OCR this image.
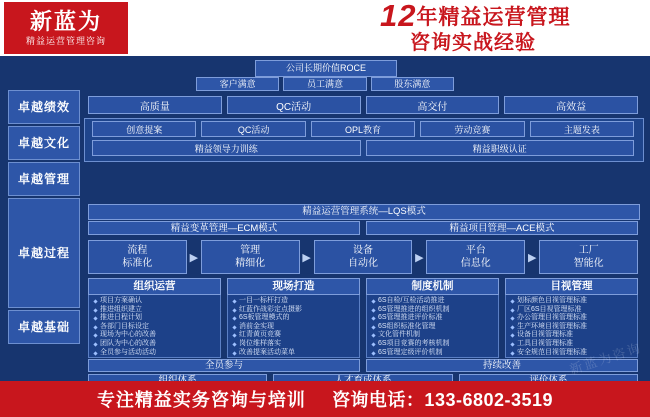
新蓝为
精益运营管理咨询
12年精益运营管理
咨询实战经验
卓越绩效
卓越文化
卓越管理
卓越过程
卓越基础
公司长期价值ROCE
客户满意	员工满意	股东满意
高质量	QC活动	高交付	高效益
创意提案	QC活动	OPL教育	劳动竞赛	主题发表
精益领导力训练	精益职级认证
精益运营管理系统—LQS模式
精益变革管理—ECM模式	精益项目管理—ACE模式
流程
标准化	▶
管理
精细化	▶
设备
自动化	▶
平台
信息化	▶
工厂
智能化
组织运营
项目方案确认
推进组织建立
推进日程计划
各部门目标设定
现场为中心的改善
团队为中心的改善
全员参与活动活动
现场打造
一目一标杆打造
红蓝作战彩定点摄影
6S板管理模式的
消前金实现
红青黄页竞赛
岗位维样落实
改善提案活动菜单
制度机制
6S自检/互检活动推进
6S管理推进的组织机制
6S管理推进评价标准
6S组织标准化管理
文化管件机制
6S项目竞赛的考核机制
6S管理定级评价机制
目视管理
划标颜色目视管理标准
厂区6S目视管理标准
办公管理目视管理标准
生产环境目视管理标准
设备目视管理标准
工具目视管理标准
安全规范目视管理标准
全员参与	持续改善
专注精益实务咨询与培训 咨询电话：133-6802-3519
